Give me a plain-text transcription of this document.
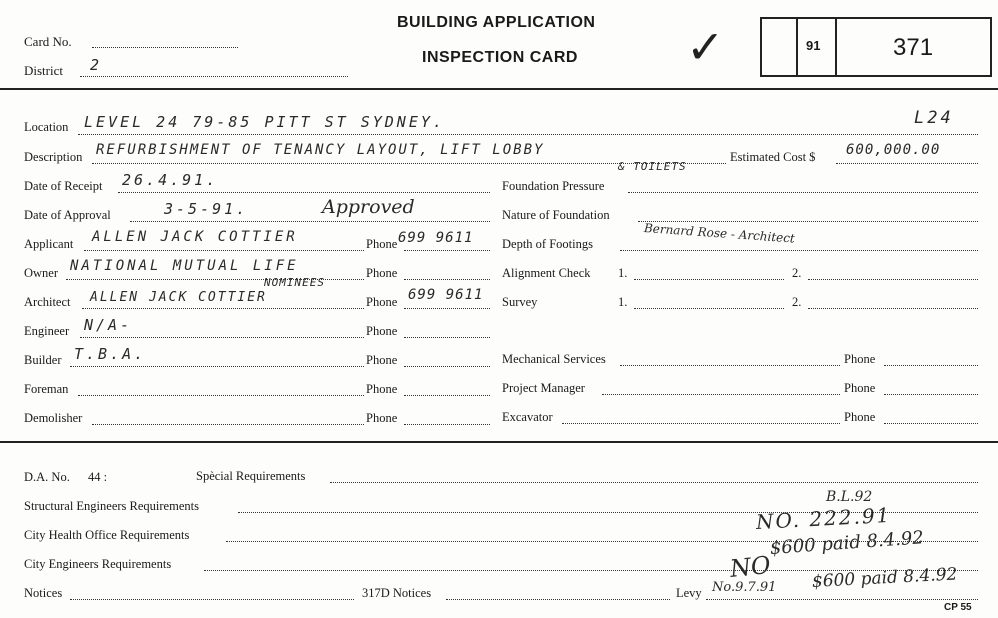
Card No.
District 2
BUILDING APPLICATION
INSPECTION CARD ✓	91	371
Location LEVEL 24 79-85 PITT ST SYDNEY.	L24
Description REFURBISHMENT OF TENANCY LAYOUT, LIFT LOBBY
& TOILETS
Estimated Cost $ 600,000.00
Date of Receipt 26.4.91.	Foundation Pressure
Date of Approval	3-5-91.	Approved	Nature of Foundation
Applicant ALLEN JACK COTTIER	Phone 699 9611 Depth of Footings	Bernard Rose - Architect
Owner NATIONAL MUTUAL LIFE
NOMINEES
Phone	Alignment Check 1.	2.
Architect ALLEN JACK COTTIER	Phone 699 9611 Survey	1.	2.
Engineer N/A-	Phone
Builder T.B.A.	Phone	Mechanical Services	Phone
Foreman	Phone	Project Manager	Phone
Demolisher	Phone	Excavator	Phone
D.A. No. 44 :	Spècial Requirements
Structural Engineers Requirements
B.L.92
City Health Office Requirements
NO. 222.91
City Engineers Requirements
$600 paid 8.4.92
NO
Notices	317D Notices	Levy No.9.7.91 $600 paid 8.4.92
CP 55
